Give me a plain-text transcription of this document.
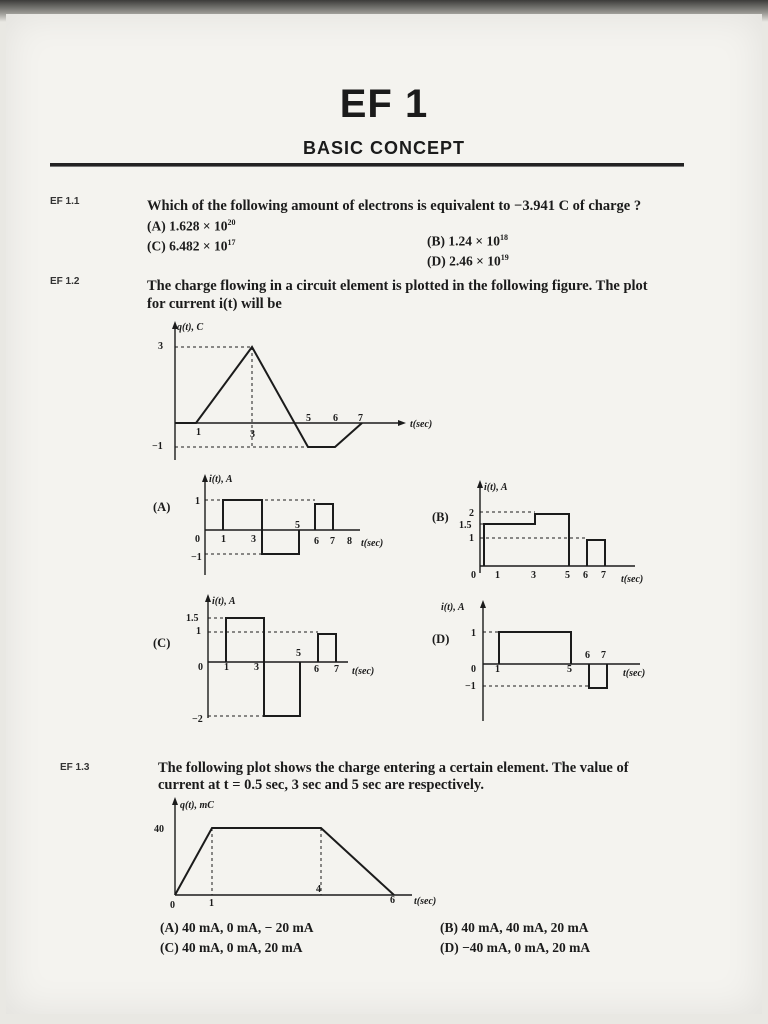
EF 1
BASIC CONCEPT
EF 1.1	Which of the following amount of electrons is equivalent to −3.941 C of charge ?
(A) $1.628 \times 10^{20}$
(B) $1.24 \times 10^{18}$
(C) $6.482 \times 10^{17}$
(D) $2.46 \times 10^{19}$
EF 1.2	The charge flowing in a circuit element is plotted in the following figure. The plot
for current i(t) will be
q(t), C
t(sec)
3
−1
1	3
5 6 7
(A)
i(t), A
t(sec)
1
0
−1
1	3
5
6 7 8
(B)
i(t), A
t(sec)
2
1.5
1
0 1	3	5 6 7
(C)
i(t), A
t(sec)
1.5
1
0
−2
1	3
5
6 7
(D)
i(t), A
t(sec)
1
0
−1
1	5
6 7
EF 1.3	The following plot shows the charge entering a certain element. The value of
current at t = 0.5 sec, 3 sec and 5 sec are respectively.
q(t), mC
t(sec)
40
0	1
4
6
(A) 40 mA, 0 mA, − 20 mA	(B) 40 mA, 40 mA, 20 mA
(C) 40 mA, 0 mA, 20 mA	(D) −40 mA, 0 mA, 20 mA
